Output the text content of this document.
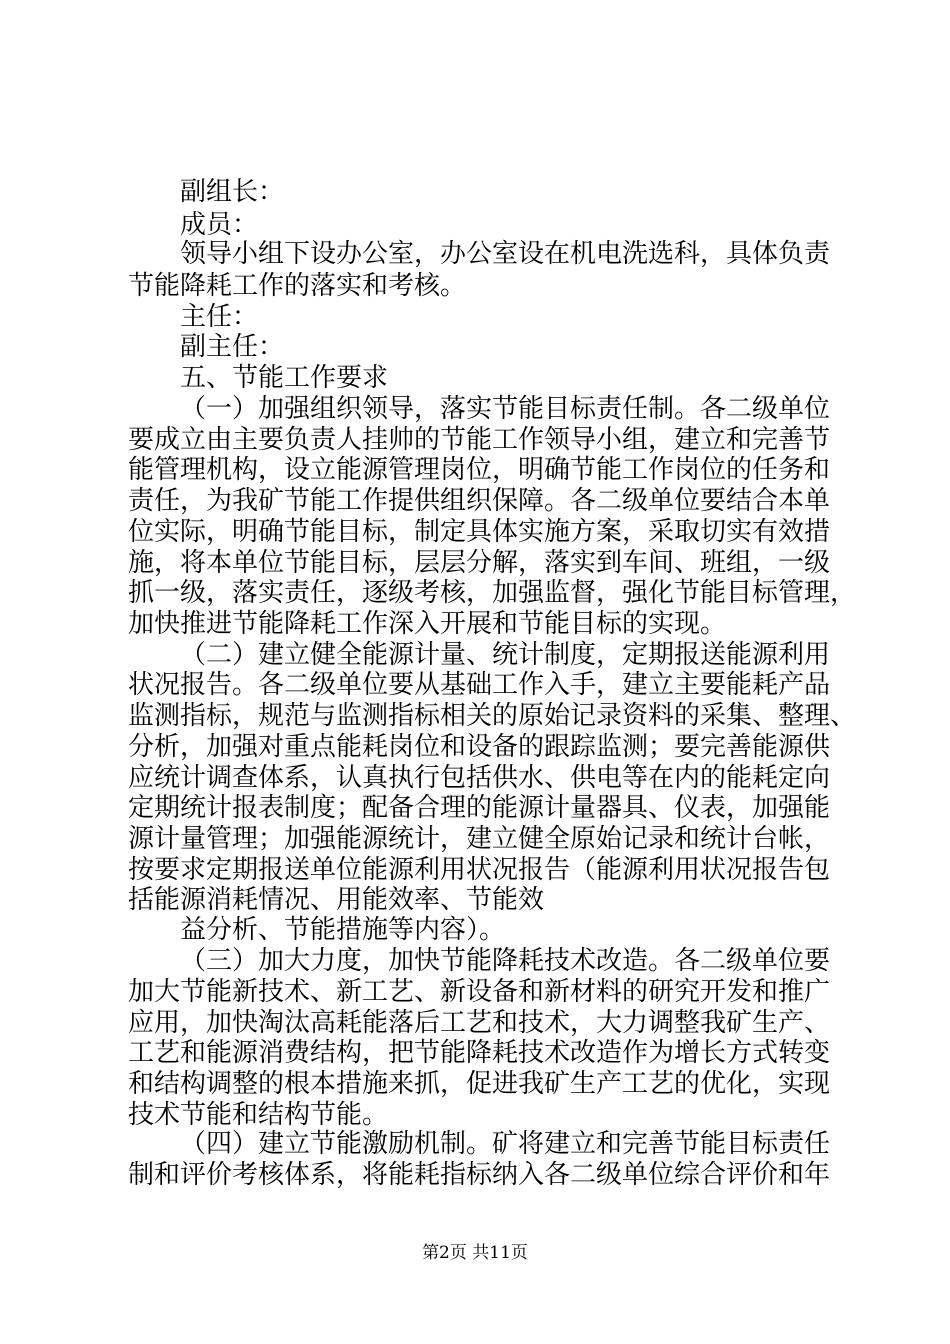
副组长：
成员：
领导小组下设办公室，办公室设在机电洗选科，具体负责
节能降耗工作的落实和考核。
主任：
副主任：
五、节能工作要求
（一）加强组织领导，落实节能目标责任制。各二级单位
要成立由主要负责人挂帅的节能工作领导小组，建立和完善节
能管理机构，设立能源管理岗位，明确节能工作岗位的任务和
责任，为我矿节能工作提供组织保障。各二级单位要结合本单
位实际，明确节能目标，制定具体实施方案，采取切实有效措
施，将本单位节能目标，层层分解，落实到车间、班组，一级
抓一级，落实责任，逐级考核，加强监督，强化节能目标管理，
加快推进节能降耗工作深入开展和节能目标的实现。
（二）建立健全能源计量、统计制度，定期报送能源利用
状况报告。各二级单位要从基础工作入手，建立主要能耗产品
监测指标，规范与监测指标相关的原始记录资料的采集、整理、
分析，加强对重点能耗岗位和设备的跟踪监测；要完善能源供
应统计调查体系，认真执行包括供水、供电等在内的能耗定向
定期统计报表制度；配备合理的能源计量器具、仪表，加强能
源计量管理；加强能源统计，建立健全原始记录和统计台帐，
按要求定期报送单位能源利用状况报告（能源利用状况报告包
括能源消耗情况、用能效率、节能效
益分析、节能措施等内容）。
（三）加大力度，加快节能降耗技术改造。各二级单位要
加大节能新技术、新工艺、新设备和新材料的研究开发和推广
应用，加快淘汰高耗能落后工艺和技术，大力调整我矿生产、
工艺和能源消费结构，把节能降耗技术改造作为增长方式转变
和结构调整的根本措施来抓，促进我矿生产工艺的优化，实现
技术节能和结构节能。
（四）建立节能激励机制。矿将建立和完善节能目标责任
制和评价考核体系，将能耗指标纳入各二级单位综合评价和年
第2页 共11页
